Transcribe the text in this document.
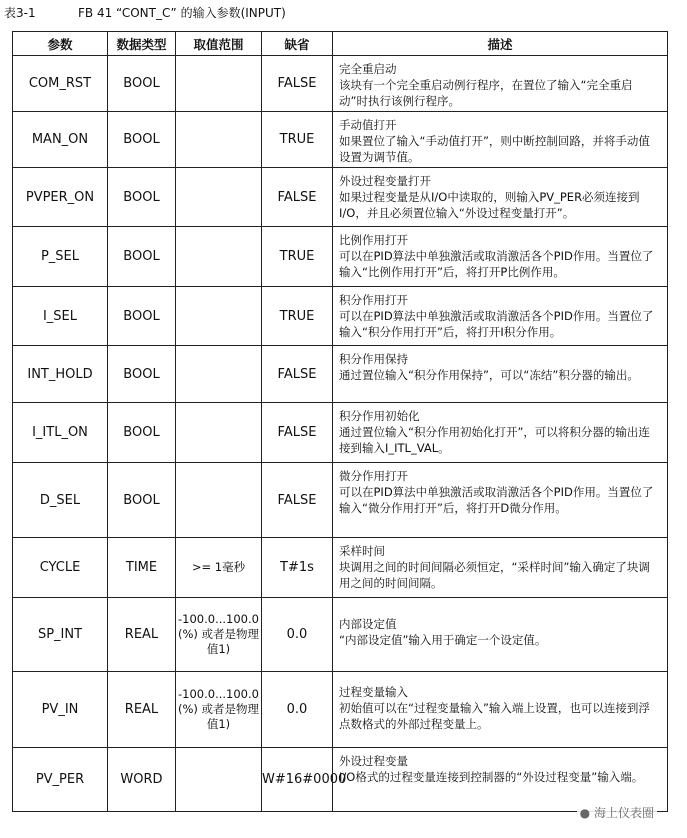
表3-1	FB 41 “CONT_C” 的输入参数(INPUT)
参数	数据类型	取值范围	缺省	描述
COM_RST	BOOL		FALSE	完全重启动
该块有一个完全重启动例行程序，在置位了输入“完全重启动”时执行该例行程序。

MAN_ON	BOOL		TRUE	手动值打开
如果置位了输入“手动值打开”，则中断控制回路，并将手动值设置为调节值。

PVPER_ON	BOOL		FALSE	外设过程变量打开
如果过程变量是从I/O中读取的，则输入PV_PER必须连接到I/O，并且必须置位输入“外设过程变量打开”。

P_SEL	BOOL		TRUE	比例作用打开
可以在PID算法中单独激活或取消激活各个PID作用。当置位了输入“比例作用打开”后，将打开P比例作用。

I_SEL	BOOL		TRUE	积分作用打开
可以在PID算法中单独激活或取消激活各个PID作用。当置位了输入“积分作用打开”后，将打开I积分作用。

INT_HOLD	BOOL		FALSE	积分作用保持
通过置位输入“积分作用保持”，可以“冻结”积分器的输出。

I_ITL_ON	BOOL		FALSE	积分作用初始化
通过置位输入“积分作用初始化打开”，可以将积分器的输出连接到输入I_ITL_VAL。

D_SEL	BOOL		FALSE	微分作用打开
可以在PID算法中单独激活或取消激活各个PID作用。当置位了输入“微分作用打开”后，将打开D微分作用。

CYCLE	TIME	>= 1毫秒	T#1s	采样时间
块调用之间的时间间隔必须恒定，“采样时间”输入确定了块调用之间的时间间隔。

SP_INT	REAL	-100.0...100.0 (%) 或者是物理值1)	0.0	内部设定值
“内部设定值”输入用于确定一个设定值。

PV_IN	REAL	-100.0...100.0 (%) 或者是物理值1)	0.0	过程变量输入
初始值可以在“过程变量输入”输入端上设置，也可以连接到浮点数格式的外部过程变量上。

PV_PER	WORD		W#16#0000	外设过程变量
I/O格式的过程变量连接到控制器的“外设过程变量”输入端。
● 海上仪表圈
